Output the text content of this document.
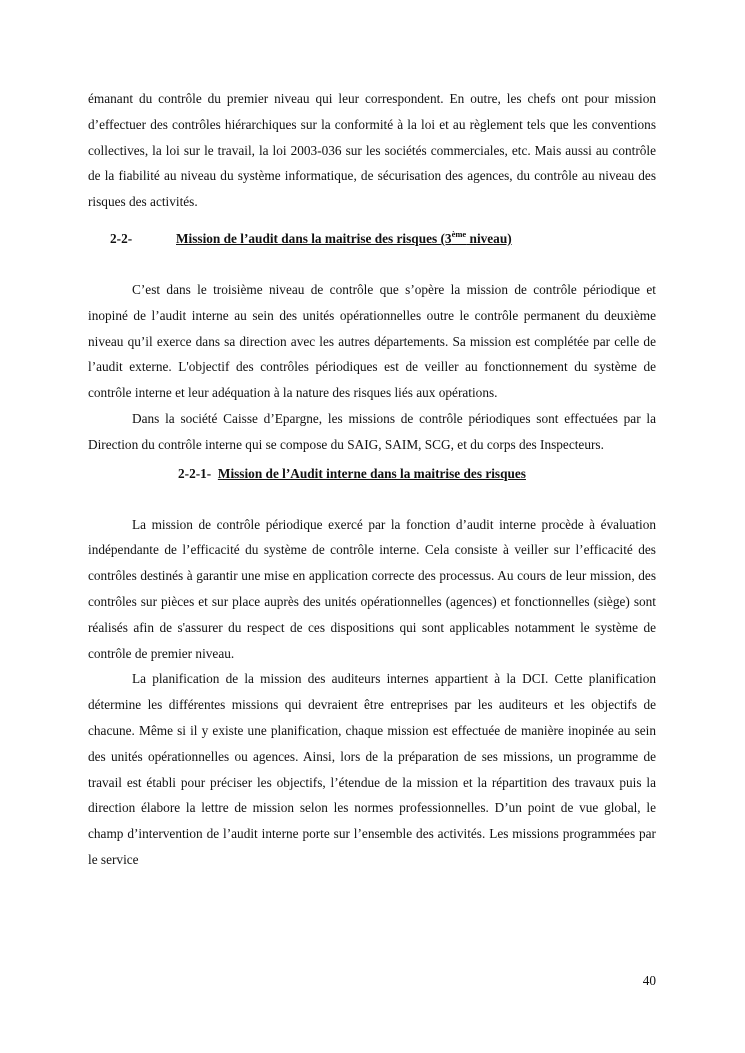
émanant du contrôle du premier niveau qui leur correspondent. En outre, les chefs ont pour mission d’effectuer des contrôles hiérarchiques sur la conformité à la loi et au règlement tels que les conventions collectives, la loi sur le travail, la loi 2003-036 sur les sociétés commerciales, etc. Mais aussi au contrôle de la fiabilité au niveau du système informatique, de sécurisation des agences, du contrôle au niveau des risques des activités.

2-2-	Mission de l’audit dans la maitrise des risques (3ème niveau)

C’est dans le troisième niveau de contrôle que s’opère la mission de contrôle périodique et inopiné de l’audit interne au sein des unités opérationnelles outre le contrôle permanent du deuxième niveau qu’il exerce dans sa direction avec les autres départements. Sa mission est complétée par celle de l’audit externe. L'objectif des contrôles périodiques est de veiller au fonctionnement du système de contrôle interne et leur adéquation à la nature des risques liés aux opérations.

Dans la société Caisse d’Epargne, les missions de contrôle périodiques sont effectuées par la Direction du contrôle interne qui se compose du SAIG, SAIM, SCG, et du corps des Inspecteurs.

2-2-1- Mission de l’Audit interne dans la maitrise des risques

La mission de contrôle périodique exercé par la fonction d’audit interne procède à évaluation indépendante de l’efficacité du système de contrôle interne. Cela consiste à veiller sur l’efficacité des contrôles destinés à garantir une mise en application correcte des processus. Au cours de leur mission, des contrôles sur pièces et sur place auprès des unités opérationnelles (agences) et fonctionnelles (siège) sont réalisés afin de s'assurer du respect de ces dispositions qui sont applicables notamment le système de contrôle de premier niveau.

La planification de la mission des auditeurs internes appartient à la DCI. Cette planification détermine les différentes missions qui devraient être entreprises par les auditeurs et les objectifs de chacune. Même si il y existe une planification, chaque mission est effectuée de manière inopinée au sein des unités opérationnelles ou agences. Ainsi, lors de la préparation de ses missions, un programme de travail est établi pour préciser les objectifs, l’étendue de la mission et la répartition des travaux puis la direction élabore la lettre de mission selon les normes professionnelles. D’un point de vue global, le champ d’intervention de l’audit interne porte sur l’ensemble des activités. Les missions programmées par le service

40
